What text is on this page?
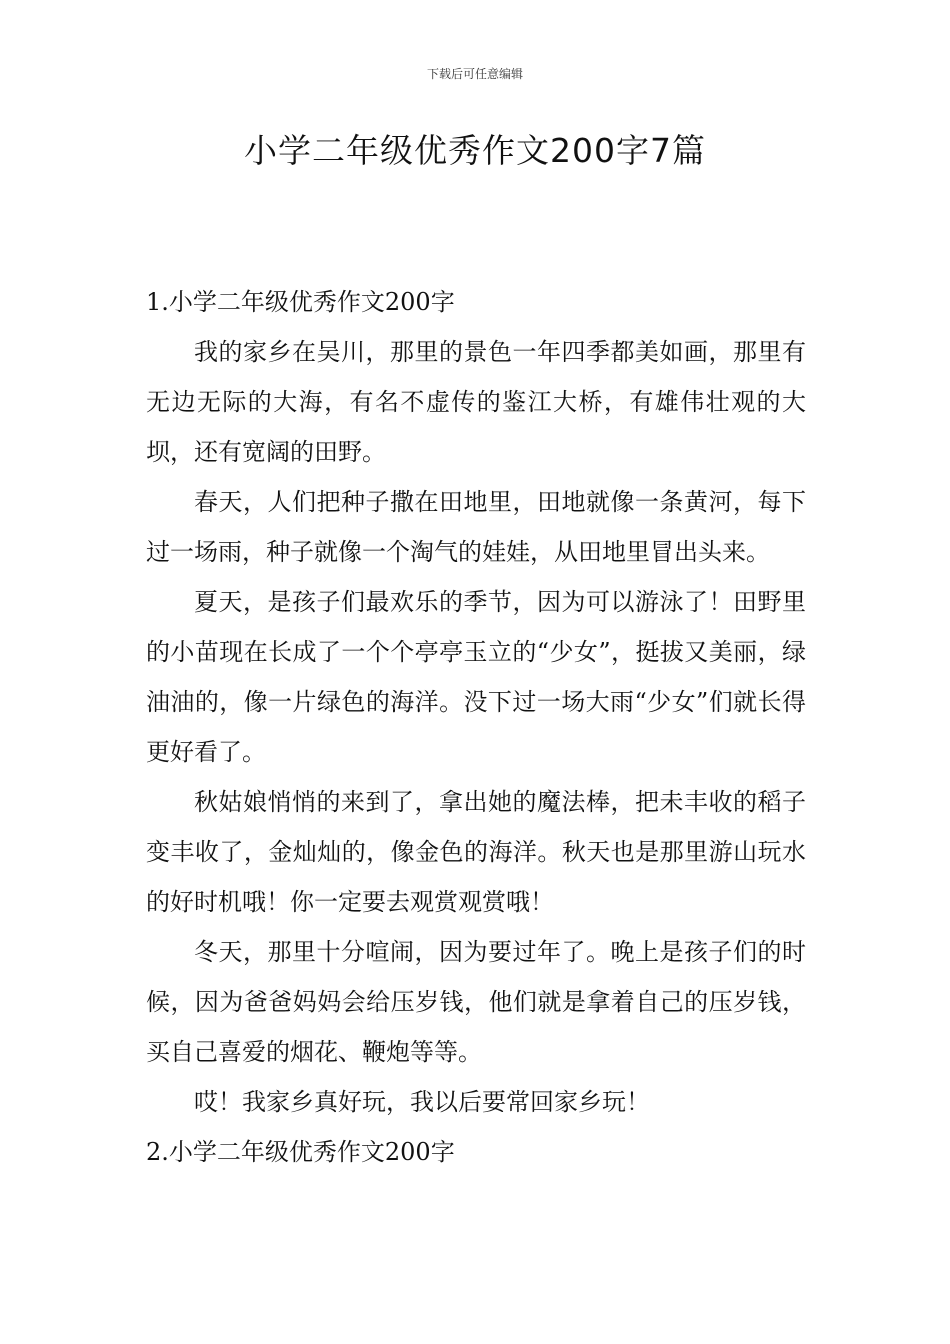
下载后可任意编辑
小学二年级优秀作文200字7篇
1.小学二年级优秀作文200字

我的家乡在吴川，那里的景色一年四季都美如画，那里有无边无际的大海，有名不虚传的鉴江大桥，有雄伟壮观的大坝，还有宽阔的田野。

春天，人们把种子撒在田地里，田地就像一条黄河，每下过一场雨，种子就像一个淘气的娃娃，从田地里冒出头来。

夏天，是孩子们最欢乐的季节，因为可以游泳了！田野里的小苗现在长成了一个个亭亭玉立的“少女”，挺拔又美丽，绿油油的，像一片绿色的海洋。没下过一场大雨“少女”们就长得更好看了。

秋姑娘悄悄的来到了，拿出她的魔法棒，把未丰收的稻子变丰收了，金灿灿的，像金色的海洋。秋天也是那里游山玩水的好时机哦！你一定要去观赏观赏哦！

冬天，那里十分喧闹，因为要过年了。晚上是孩子们的时候，因为爸爸妈妈会给压岁钱，他们就是拿着自己的压岁钱，买自己喜爱的烟花、鞭炮等等。

哎！我家乡真好玩，我以后要常回家乡玩！

2.小学二年级优秀作文200字
